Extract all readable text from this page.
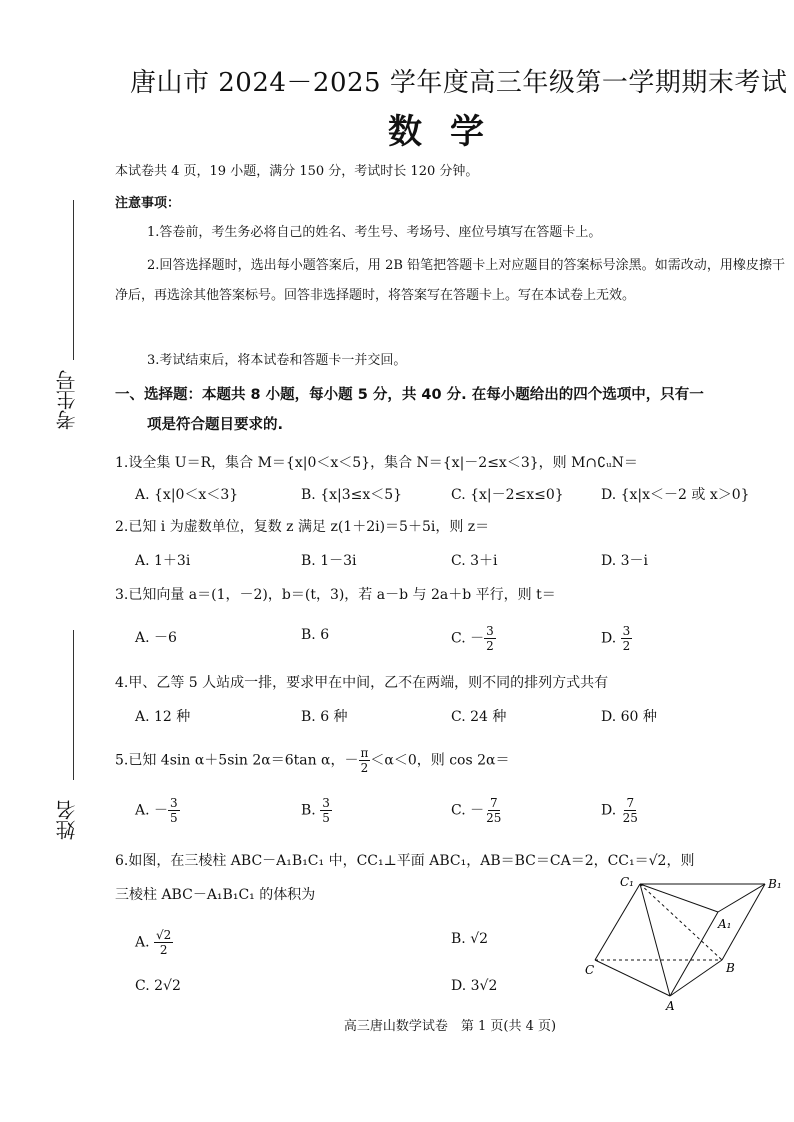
考生号
姓名
唐山市 2024－2025 学年度高三年级第一学期期末考试
数学
本试卷共 4 页，19 小题，满分 150 分，考试时长 120 分钟。
注意事项：
1.答卷前，考生务必将自己的姓名、考生号、考场号、座位号填写在答题卡上。
2.回答选择题时，选出每小题答案后，用 2B 铅笔把答题卡上对应题目的答案标号涂黑。如需改动，用橡皮擦干净后，再选涂其他答案标号。回答非选择题时，将答案写在答题卡上。写在本试卷上无效。
3.考试结束后，将本试卷和答题卡一并交回。
一、选择题：本题共 8 小题，每小题 5 分，共 40 分. 在每小题给出的四个选项中，只有一
项是符合题目要求的.
1.设全集 U＝R，集合 M＝{x|0＜x＜5}，集合 N＝{x|－2≤x＜3}，则 M∩∁ᵤN＝
A. {x|0＜x＜3}	B. {x|3≤x＜5}	C. {x|－2≤x≤0}	D. {x|x＜－2 或 x＞0}
2.已知 i 为虚数单位，复数 z 满足 z(1＋2i)＝5＋5i，则 z＝
A. 1＋3i	B. 1－3i	C. 3＋i	D. 3－i
3.已知向量 a＝(1，－2)，b＝(t，3)，若 a－b 与 2a＋b 平行，则 t＝
A. －6	B. 6	C. － $\frac{3}{2}$	D. $\frac{3}{2}$
4.甲、乙等 5 人站成一排，要求甲在中间，乙不在两端，则不同的排列方式共有
A. 12 种	B. 6 种	C. 24 种	D. 60 种
5.已知 4sin α＋5sin 2α＝6tan α，－ $\frac{\pi}{2} <\alpha<0$，则 cos 2α＝
A. － $\frac{3}{5}$	B. $\frac{3}{5}$	C. － $\frac{7}{25}$	D. $\frac{7}{25}$
6.如图，在三棱柱 ABC－A₁B₁C₁ 中，CC₁⊥平面 ABC₁，AB＝BC＝CA＝2，CC₁＝√2，则
三棱柱 ABC－A₁B₁C₁ 的体积为
A. $\frac{√2}{2}$	B. √2
C. 2√2	D. 3√2
C₁	B₁
A₁
C	B
A
高三唐山数学试卷　第 1 页(共 4 页)
